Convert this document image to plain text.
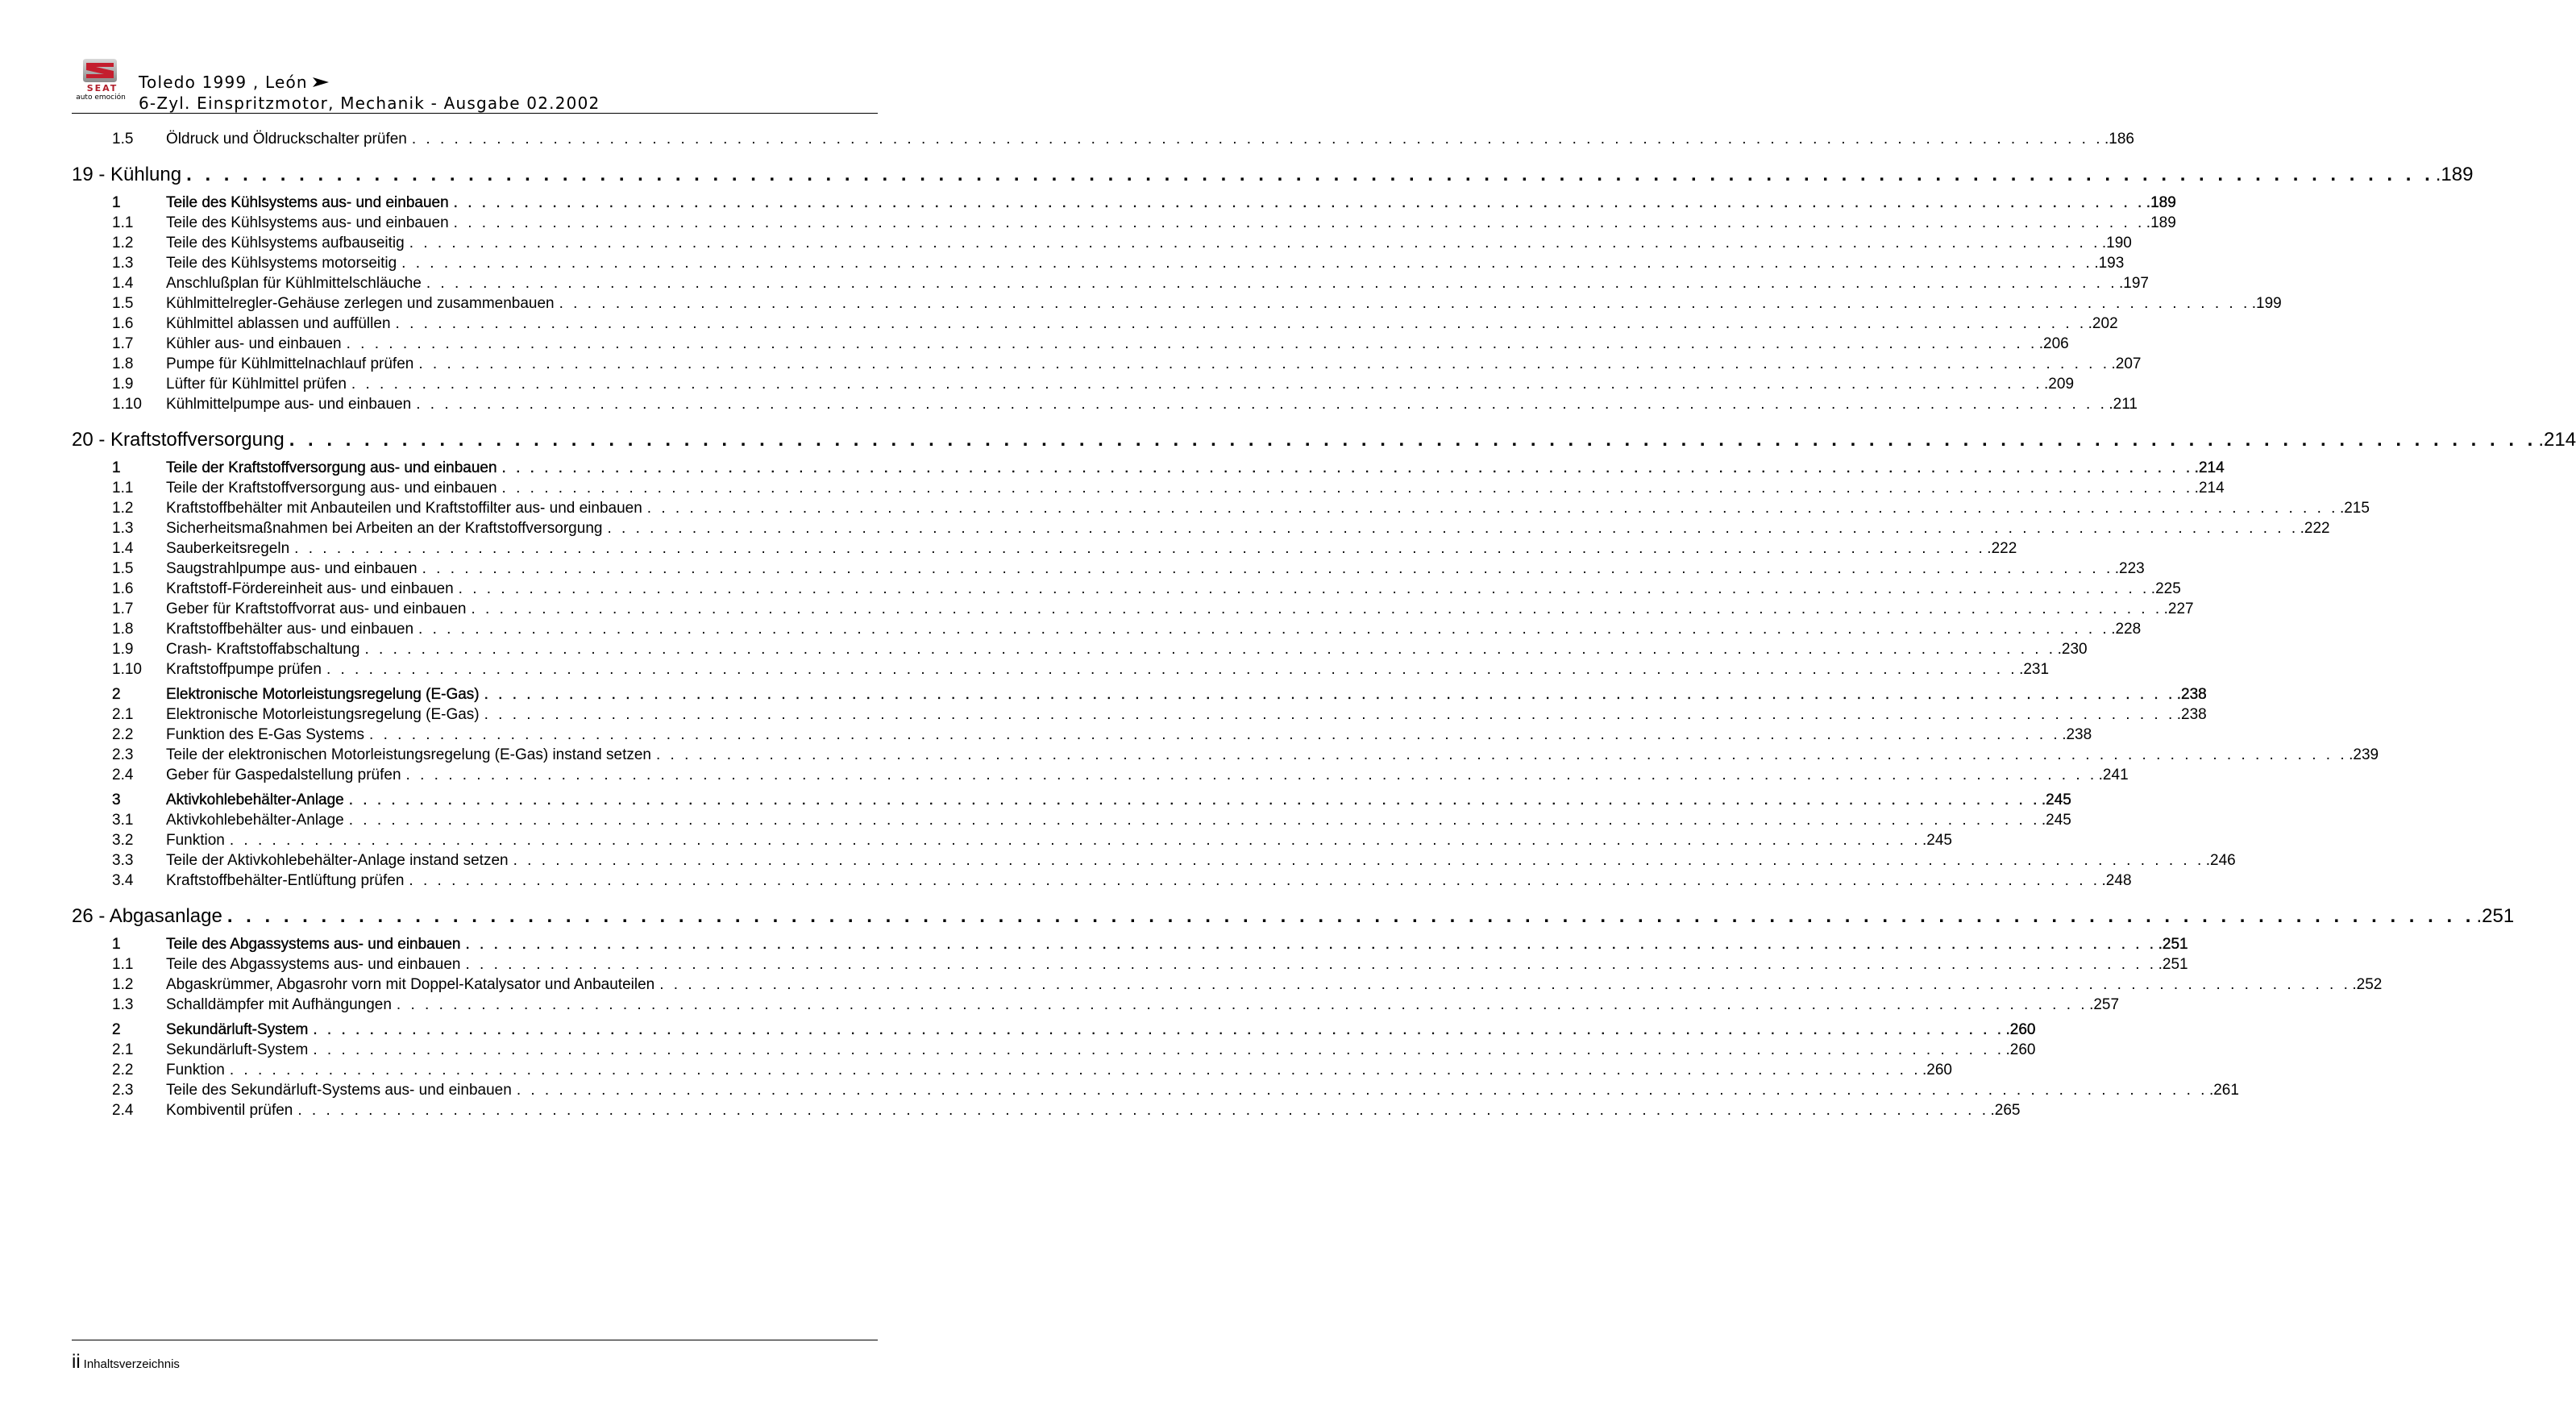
SEAT
auto emoción
Toledo 1999 , León
6-Zyl. Einspritzmotor, Mechanik - Ausgabe 02.2002
1.5	Öldruck und Öldruckschalter prüfen . . . . . . . . . . . . . . . . . . . . . . . . . . . . . . . . . . . . . . . . . . . . . . . . . . . . . . . . . . . . . . . . . . . . . . . . . . . . . . . . . . . . . . . . . . . . . . . . . . . . . . . . . . . . . . . . . . . . . . . . .186
19 - Kühlung . . . . . . . . . . . . . . . . . . . . . . . . . . . . . . . . . . . . . . . . . . . . . . . . . . . . . . . . . . . . . . . . . . . . . . . . . . . . . . . . . . . . . . . . . . . . . . . . . . . . . . . . . . . . . . . . . . . . . . . . .189
1	Teile des Kühlsystems aus- und einbauen . . . . . . . . . . . . . . . . . . . . . . . . . . . . . . . . . . . . . . . . . . . . . . . . . . . . . . . . . . . . . . . . . . . . . . . . . . . . . . . . . . . . . . . . . . . . . . . . . . . . . . . . . . . . . . . . . . . . . . . . .189
1.1	Teile des Kühlsystems aus- und einbauen . . . . . . . . . . . . . . . . . . . . . . . . . . . . . . . . . . . . . . . . . . . . . . . . . . . . . . . . . . . . . . . . . . . . . . . . . . . . . . . . . . . . . . . . . . . . . . . . . . . . . . . . . . . . . . . . . . . . . . . . .189
1.2	Teile des Kühlsystems aufbauseitig . . . . . . . . . . . . . . . . . . . . . . . . . . . . . . . . . . . . . . . . . . . . . . . . . . . . . . . . . . . . . . . . . . . . . . . . . . . . . . . . . . . . . . . . . . . . . . . . . . . . . . . . . . . . . . . . . . . . . . . . .190
1.3	Teile des Kühlsystems motorseitig . . . . . . . . . . . . . . . . . . . . . . . . . . . . . . . . . . . . . . . . . . . . . . . . . . . . . . . . . . . . . . . . . . . . . . . . . . . . . . . . . . . . . . . . . . . . . . . . . . . . . . . . . . . . . . . . . . . . . . . . .193
1.4	Anschlußplan für Kühlmittelschläuche . . . . . . . . . . . . . . . . . . . . . . . . . . . . . . . . . . . . . . . . . . . . . . . . . . . . . . . . . . . . . . . . . . . . . . . . . . . . . . . . . . . . . . . . . . . . . . . . . . . . . . . . . . . . . . . . . . . . . . . . .197
1.5	Kühlmittelregler-Gehäuse zerlegen und zusammenbauen . . . . . . . . . . . . . . . . . . . . . . . . . . . . . . . . . . . . . . . . . . . . . . . . . . . . . . . . . . . . . . . . . . . . . . . . . . . . . . . . . . . . . . . . . . . . . . . . . . . . . . . . . . . . . . . . . . . . . . . . .199
1.6	Kühlmittel ablassen und auffüllen . . . . . . . . . . . . . . . . . . . . . . . . . . . . . . . . . . . . . . . . . . . . . . . . . . . . . . . . . . . . . . . . . . . . . . . . . . . . . . . . . . . . . . . . . . . . . . . . . . . . . . . . . . . . . . . . . . . . . . . . .202
1.7	Kühler aus- und einbauen . . . . . . . . . . . . . . . . . . . . . . . . . . . . . . . . . . . . . . . . . . . . . . . . . . . . . . . . . . . . . . . . . . . . . . . . . . . . . . . . . . . . . . . . . . . . . . . . . . . . . . . . . . . . . . . . . . . . . . . . .206
1.8	Pumpe für Kühlmittelnachlauf prüfen . . . . . . . . . . . . . . . . . . . . . . . . . . . . . . . . . . . . . . . . . . . . . . . . . . . . . . . . . . . . . . . . . . . . . . . . . . . . . . . . . . . . . . . . . . . . . . . . . . . . . . . . . . . . . . . . . . . . . . . . .207
1.9	Lüfter für Kühlmittel prüfen . . . . . . . . . . . . . . . . . . . . . . . . . . . . . . . . . . . . . . . . . . . . . . . . . . . . . . . . . . . . . . . . . . . . . . . . . . . . . . . . . . . . . . . . . . . . . . . . . . . . . . . . . . . . . . . . . . . . . . . . .209
1.10	Kühlmittelpumpe aus- und einbauen . . . . . . . . . . . . . . . . . . . . . . . . . . . . . . . . . . . . . . . . . . . . . . . . . . . . . . . . . . . . . . . . . . . . . . . . . . . . . . . . . . . . . . . . . . . . . . . . . . . . . . . . . . . . . . . . . . . . . . . . .211
20 - Kraftstoffversorgung . . . . . . . . . . . . . . . . . . . . . . . . . . . . . . . . . . . . . . . . . . . . . . . . . . . . . . . . . . . . . . . . . . . . . . . . . . . . . . . . . . . . . . . . . . . . . . . . . . . . . . . . . . . . . . . . . . . . . . . . .214
1	Teile der Kraftstoffversorgung aus- und einbauen . . . . . . . . . . . . . . . . . . . . . . . . . . . . . . . . . . . . . . . . . . . . . . . . . . . . . . . . . . . . . . . . . . . . . . . . . . . . . . . . . . . . . . . . . . . . . . . . . . . . . . . . . . . . . . . . . . . . . . . . .214
1.1	Teile der Kraftstoffversorgung aus- und einbauen . . . . . . . . . . . . . . . . . . . . . . . . . . . . . . . . . . . . . . . . . . . . . . . . . . . . . . . . . . . . . . . . . . . . . . . . . . . . . . . . . . . . . . . . . . . . . . . . . . . . . . . . . . . . . . . . . . . . . . . . .214
1.2	Kraftstoffbehälter mit Anbauteilen und Kraftstoffilter aus- und einbauen . . . . . . . . . . . . . . . . . . . . . . . . . . . . . . . . . . . . . . . . . . . . . . . . . . . . . . . . . . . . . . . . . . . . . . . . . . . . . . . . . . . . . . . . . . . . . . . . . . . . . . . . . . . . . . . . . . . . . . . . .215
1.3	Sicherheitsmaßnahmen bei Arbeiten an der Kraftstoffversorgung . . . . . . . . . . . . . . . . . . . . . . . . . . . . . . . . . . . . . . . . . . . . . . . . . . . . . . . . . . . . . . . . . . . . . . . . . . . . . . . . . . . . . . . . . . . . . . . . . . . . . . . . . . . . . . . . . . . . . . . . .222
1.4	Sauberkeitsregeln . . . . . . . . . . . . . . . . . . . . . . . . . . . . . . . . . . . . . . . . . . . . . . . . . . . . . . . . . . . . . . . . . . . . . . . . . . . . . . . . . . . . . . . . . . . . . . . . . . . . . . . . . . . . . . . . . . . . . . . . .222
1.5	Saugstrahlpumpe aus- und einbauen . . . . . . . . . . . . . . . . . . . . . . . . . . . . . . . . . . . . . . . . . . . . . . . . . . . . . . . . . . . . . . . . . . . . . . . . . . . . . . . . . . . . . . . . . . . . . . . . . . . . . . . . . . . . . . . . . . . . . . . . .223
1.6	Kraftstoff-Fördereinheit aus- und einbauen . . . . . . . . . . . . . . . . . . . . . . . . . . . . . . . . . . . . . . . . . . . . . . . . . . . . . . . . . . . . . . . . . . . . . . . . . . . . . . . . . . . . . . . . . . . . . . . . . . . . . . . . . . . . . . . . . . . . . . . . .225
1.7	Geber für Kraftstoffvorrat aus- und einbauen . . . . . . . . . . . . . . . . . . . . . . . . . . . . . . . . . . . . . . . . . . . . . . . . . . . . . . . . . . . . . . . . . . . . . . . . . . . . . . . . . . . . . . . . . . . . . . . . . . . . . . . . . . . . . . . . . . . . . . . . .227
1.8	Kraftstoffbehälter aus- und einbauen . . . . . . . . . . . . . . . . . . . . . . . . . . . . . . . . . . . . . . . . . . . . . . . . . . . . . . . . . . . . . . . . . . . . . . . . . . . . . . . . . . . . . . . . . . . . . . . . . . . . . . . . . . . . . . . . . . . . . . . . .228
1.9	Crash- Kraftstoffabschaltung . . . . . . . . . . . . . . . . . . . . . . . . . . . . . . . . . . . . . . . . . . . . . . . . . . . . . . . . . . . . . . . . . . . . . . . . . . . . . . . . . . . . . . . . . . . . . . . . . . . . . . . . . . . . . . . . . . . . . . . . .230
1.10	Kraftstoffpumpe prüfen . . . . . . . . . . . . . . . . . . . . . . . . . . . . . . . . . . . . . . . . . . . . . . . . . . . . . . . . . . . . . . . . . . . . . . . . . . . . . . . . . . . . . . . . . . . . . . . . . . . . . . . . . . . . . . . . . . . . . . . . .231
2	Elektronische Motorleistungsregelung (E-Gas) . . . . . . . . . . . . . . . . . . . . . . . . . . . . . . . . . . . . . . . . . . . . . . . . . . . . . . . . . . . . . . . . . . . . . . . . . . . . . . . . . . . . . . . . . . . . . . . . . . . . . . . . . . . . . . . . . . . . . . . . .238
2.1	Elektronische Motorleistungsregelung (E-Gas) . . . . . . . . . . . . . . . . . . . . . . . . . . . . . . . . . . . . . . . . . . . . . . . . . . . . . . . . . . . . . . . . . . . . . . . . . . . . . . . . . . . . . . . . . . . . . . . . . . . . . . . . . . . . . . . . . . . . . . . . .238
2.2	Funktion des E-Gas Systems . . . . . . . . . . . . . . . . . . . . . . . . . . . . . . . . . . . . . . . . . . . . . . . . . . . . . . . . . . . . . . . . . . . . . . . . . . . . . . . . . . . . . . . . . . . . . . . . . . . . . . . . . . . . . . . . . . . . . . . . .238
2.3	Teile der elektronischen Motorleistungsregelung (E-Gas) instand setzen . . . . . . . . . . . . . . . . . . . . . . . . . . . . . . . . . . . . . . . . . . . . . . . . . . . . . . . . . . . . . . . . . . . . . . . . . . . . . . . . . . . . . . . . . . . . . . . . . . . . . . . . . . . . . . . . . . . . . . . . .239
2.4	Geber für Gaspedalstellung prüfen . . . . . . . . . . . . . . . . . . . . . . . . . . . . . . . . . . . . . . . . . . . . . . . . . . . . . . . . . . . . . . . . . . . . . . . . . . . . . . . . . . . . . . . . . . . . . . . . . . . . . . . . . . . . . . . . . . . . . . . . .241
3	Aktivkohlebehälter-Anlage . . . . . . . . . . . . . . . . . . . . . . . . . . . . . . . . . . . . . . . . . . . . . . . . . . . . . . . . . . . . . . . . . . . . . . . . . . . . . . . . . . . . . . . . . . . . . . . . . . . . . . . . . . . . . . . . . . . . . . . . .245
3.1	Aktivkohlebehälter-Anlage . . . . . . . . . . . . . . . . . . . . . . . . . . . . . . . . . . . . . . . . . . . . . . . . . . . . . . . . . . . . . . . . . . . . . . . . . . . . . . . . . . . . . . . . . . . . . . . . . . . . . . . . . . . . . . . . . . . . . . . . .245
3.2	Funktion . . . . . . . . . . . . . . . . . . . . . . . . . . . . . . . . . . . . . . . . . . . . . . . . . . . . . . . . . . . . . . . . . . . . . . . . . . . . . . . . . . . . . . . . . . . . . . . . . . . . . . . . . . . . . . . . . . . . . . . . .245
3.3	Teile der Aktivkohlebehälter-Anlage instand setzen . . . . . . . . . . . . . . . . . . . . . . . . . . . . . . . . . . . . . . . . . . . . . . . . . . . . . . . . . . . . . . . . . . . . . . . . . . . . . . . . . . . . . . . . . . . . . . . . . . . . . . . . . . . . . . . . . . . . . . . . .246
3.4	Kraftstoffbehälter-Entlüftung prüfen . . . . . . . . . . . . . . . . . . . . . . . . . . . . . . . . . . . . . . . . . . . . . . . . . . . . . . . . . . . . . . . . . . . . . . . . . . . . . . . . . . . . . . . . . . . . . . . . . . . . . . . . . . . . . . . . . . . . . . . . .248
26 - Abgasanlage . . . . . . . . . . . . . . . . . . . . . . . . . . . . . . . . . . . . . . . . . . . . . . . . . . . . . . . . . . . . . . . . . . . . . . . . . . . . . . . . . . . . . . . . . . . . . . . . . . . . . . . . . . . . . . . . . . . . . . . . .251
1	Teile des Abgassystems aus- und einbauen . . . . . . . . . . . . . . . . . . . . . . . . . . . . . . . . . . . . . . . . . . . . . . . . . . . . . . . . . . . . . . . . . . . . . . . . . . . . . . . . . . . . . . . . . . . . . . . . . . . . . . . . . . . . . . . . . . . . . . . . .251
1.1	Teile des Abgassystems aus- und einbauen . . . . . . . . . . . . . . . . . . . . . . . . . . . . . . . . . . . . . . . . . . . . . . . . . . . . . . . . . . . . . . . . . . . . . . . . . . . . . . . . . . . . . . . . . . . . . . . . . . . . . . . . . . . . . . . . . . . . . . . . .251
1.2	Abgaskrümmer, Abgasrohr vorn mit Doppel-Katalysator und Anbauteilen . . . . . . . . . . . . . . . . . . . . . . . . . . . . . . . . . . . . . . . . . . . . . . . . . . . . . . . . . . . . . . . . . . . . . . . . . . . . . . . . . . . . . . . . . . . . . . . . . . . . . . . . . . . . . . . . . . . . . . . . .252
1.3	Schalldämpfer mit Aufhängungen . . . . . . . . . . . . . . . . . . . . . . . . . . . . . . . . . . . . . . . . . . . . . . . . . . . . . . . . . . . . . . . . . . . . . . . . . . . . . . . . . . . . . . . . . . . . . . . . . . . . . . . . . . . . . . . . . . . . . . . . .257
2	Sekundärluft-System . . . . . . . . . . . . . . . . . . . . . . . . . . . . . . . . . . . . . . . . . . . . . . . . . . . . . . . . . . . . . . . . . . . . . . . . . . . . . . . . . . . . . . . . . . . . . . . . . . . . . . . . . . . . . . . . . . . . . . . . .260
2.1	Sekundärluft-System . . . . . . . . . . . . . . . . . . . . . . . . . . . . . . . . . . . . . . . . . . . . . . . . . . . . . . . . . . . . . . . . . . . . . . . . . . . . . . . . . . . . . . . . . . . . . . . . . . . . . . . . . . . . . . . . . . . . . . . . .260
2.2	Funktion . . . . . . . . . . . . . . . . . . . . . . . . . . . . . . . . . . . . . . . . . . . . . . . . . . . . . . . . . . . . . . . . . . . . . . . . . . . . . . . . . . . . . . . . . . . . . . . . . . . . . . . . . . . . . . . . . . . . . . . . .260
2.3	Teile des Sekundärluft-Systems aus- und einbauen . . . . . . . . . . . . . . . . . . . . . . . . . . . . . . . . . . . . . . . . . . . . . . . . . . . . . . . . . . . . . . . . . . . . . . . . . . . . . . . . . . . . . . . . . . . . . . . . . . . . . . . . . . . . . . . . . . . . . . . . .261
2.4	Kombiventil prüfen . . . . . . . . . . . . . . . . . . . . . . . . . . . . . . . . . . . . . . . . . . . . . . . . . . . . . . . . . . . . . . . . . . . . . . . . . . . . . . . . . . . . . . . . . . . . . . . . . . . . . . . . . . . . . . . . . . . . . . . . .265
ii Inhaltsverzeichnis
